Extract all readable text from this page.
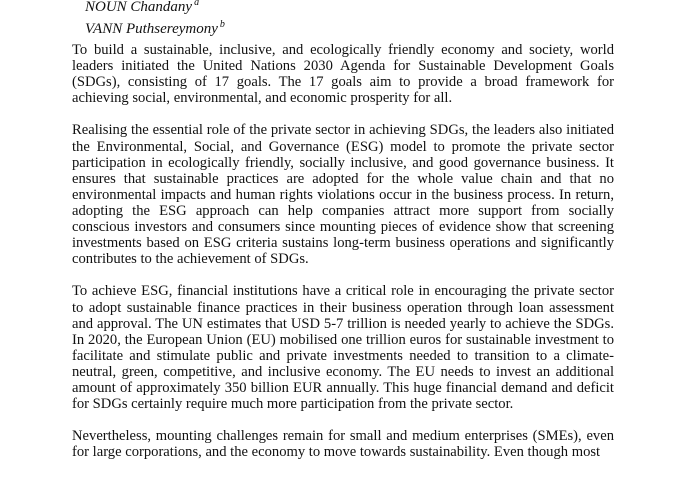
NOUN Chandany $^a$
VANN Puthsereymony $^b$

To build a sustainable, inclusive, and ecologically friendly economy and society, world leaders initiated the United Nations 2030 Agenda for Sustainable Development Goals (SDGs), consisting of 17 goals. The 17 goals aim to provide a broad framework for achieving social, environmental, and economic prosperity for all.

Realising the essential role of the private sector in achieving SDGs, the leaders also initiated the Environmental, Social, and Governance (ESG) model to promote the private sector participation in ecologically friendly, socially inclusive, and good governance business. It ensures that sustainable practices are adopted for the whole value chain and that no environmental impacts and human rights violations occur in the business process. In return, adopting the ESG approach can help companies attract more support from socially conscious investors and consumers since mounting pieces of evidence show that screening investments based on ESG criteria sustains long-term business operations and significantly contributes to the achievement of SDGs.

To achieve ESG, financial institutions have a critical role in encouraging the private sector to adopt sustainable finance practices in their business operation through loan assessment and approval. The UN estimates that USD 5-7 trillion is needed yearly to achieve the SDGs. In 2020, the European Union (EU) mobilised one trillion euros for sustainable investment to facilitate and stimulate public and private investments needed to transition to a climate-neutral, green, competitive, and inclusive economy. The EU needs to invest an additional amount of approximately 350 billion EUR annually. This huge financial demand and deficit for SDGs certainly require much more participation from the private sector.

Nevertheless, mounting challenges remain for small and medium enterprises (SMEs), even for large corporations, and the economy to move towards sustainability. Even though most
